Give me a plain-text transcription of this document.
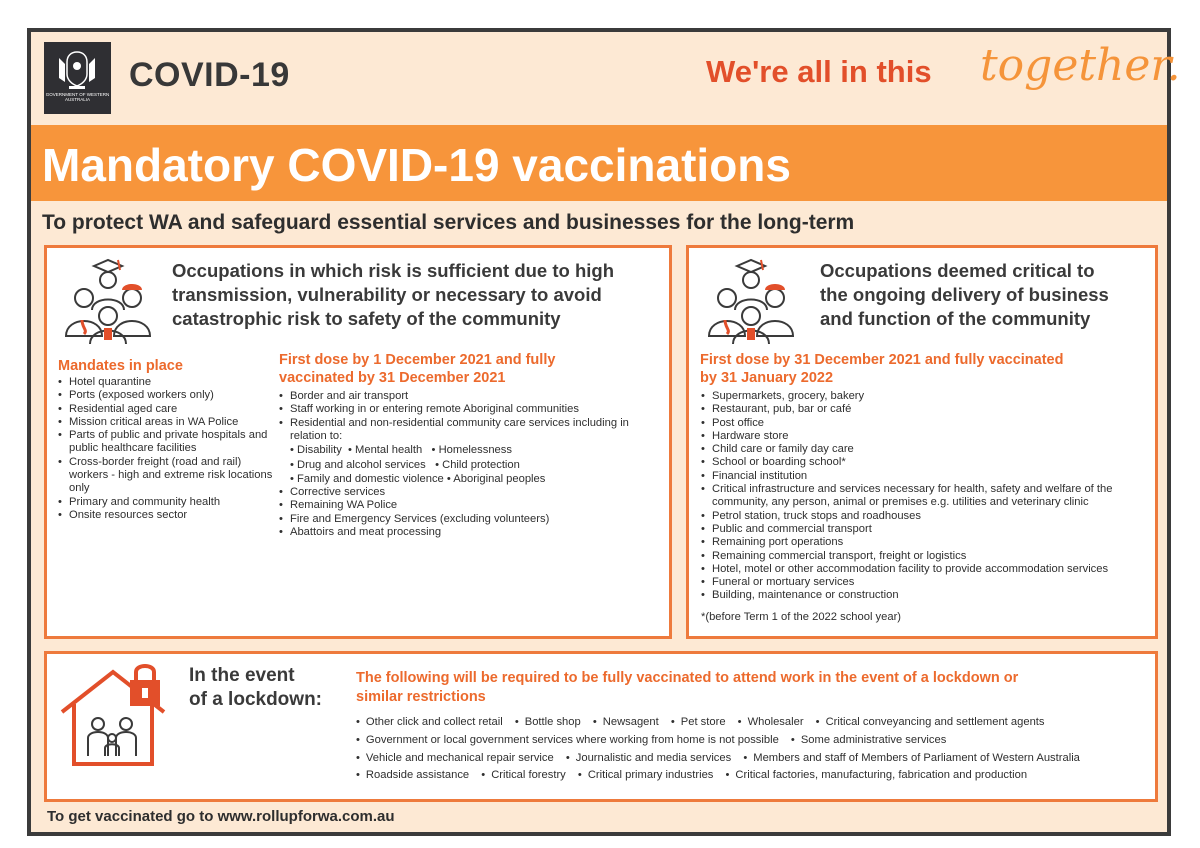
GOVERNMENT OF WESTERN AUSTRALIA
COVID-19	We're all in this together.
Mandatory COVID-19 vaccinations
To protect WA and safeguard essential services and businesses for the long-term
Occupations in which risk is sufficient due to high
transmission, vulnerability or necessary to avoid
catastrophic risk to safety of the community
Mandates in place
• Hotel quarantine
• Ports (exposed workers only)
• Residential aged care
• Mission critical areas in WA Police
• Parts of public and private hospitals and public healthcare facilities
• Cross-border freight (road and rail) workers - high and extreme risk locations only
• Primary and community health
• Onsite resources sector
First dose by 1 December 2021 and fully
vaccinated by 31 December 2021
• Border and air transport
• Staff working in or entering remote Aboriginal communities
• Residential and non-residential community care services including in relation to:
• Disability  • Mental health   • Homelessness
• Drug and alcohol services   • Child protection
• Family and domestic violence • Aboriginal peoples
• Corrective services
• Remaining WA Police
• Fire and Emergency Services (excluding volunteers)
• Abattoirs and meat processing
Occupations deemed critical to
the ongoing delivery of business
and function of the community
First dose by 31 December 2021 and fully vaccinated
by 31 January 2022
• Supermarkets, grocery, bakery
• Restaurant, pub, bar or café
• Post office
• Hardware store
• Child care or family day care
• School or boarding school*
• Financial institution
• Critical infrastructure and services necessary for health, safety and welfare of the community, any person, animal or premises e.g. utilities and veterinary clinic
• Petrol station, truck stops and roadhouses
• Public and commercial transport
• Remaining port operations
• Remaining commercial transport, freight or logistics
• Hotel, motel or other accommodation facility to provide accommodation services
• Funeral or mortuary services
• Building, maintenance or construction
*(before Term 1 of the 2022 school year)
In the event
of a lockdown:
The following will be required to be fully vaccinated to attend work in the event of a lockdown or
similar restrictions
• Other click and collect retail • Bottle shop • Newsagent • Pet store • Wholesaler • Critical conveyancing and settlement agents
• Government or local government services where working from home is not possible • Some administrative services
• Vehicle and mechanical repair service • Journalistic and media services • Members and staff of Members of Parliament of Western Australia
• Roadside assistance • Critical forestry • Critical primary industries • Critical factories, manufacturing, fabrication and production
To get vaccinated go to www.rollupforwa.com.au
